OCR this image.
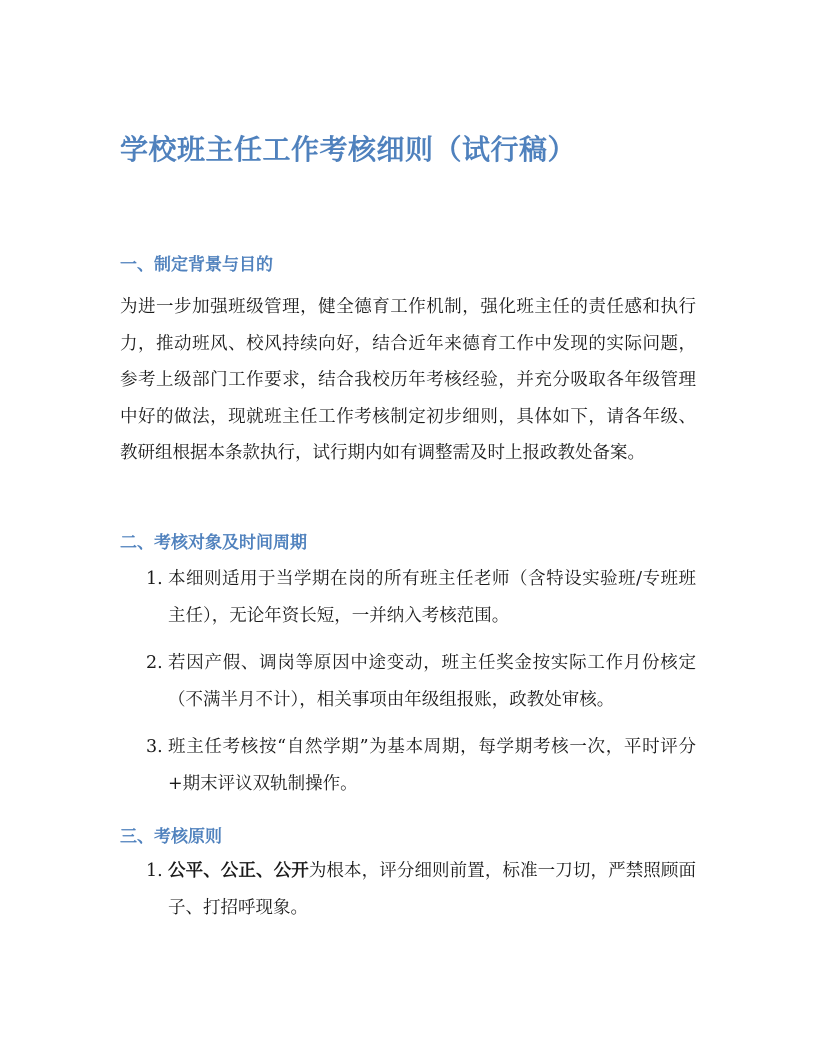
学校班主任工作考核细则（试行稿）
一、制定背景与目的
为进一步加强班级管理，健全德育工作机制，强化班主任的责任感和执行力，推动班风、校风持续向好，结合近年来德育工作中发现的实际问题，参考上级部门工作要求，结合我校历年考核经验，并充分吸取各年级管理中好的做法，现就班主任工作考核制定初步细则，具体如下，请各年级、教研组根据本条款执行，试行期内如有调整需及时上报政教处备案。
二、考核对象及时间周期
1. 本细则适用于当学期在岗的所有班主任老师（含特设实验班/专班班主任），无论年资长短，一并纳入考核范围。
2. 若因产假、调岗等原因中途变动，班主任奖金按实际工作月份核定（不满半月不计），相关事项由年级组报账，政教处审核。
3. 班主任考核按“自然学期”为基本周期，每学期考核一次，平时评分+期末评议双轨制操作。
三、考核原则
1. 公平、公正、公开为根本，评分细则前置，标准一刀切，严禁照顾面子、打招呼现象。
